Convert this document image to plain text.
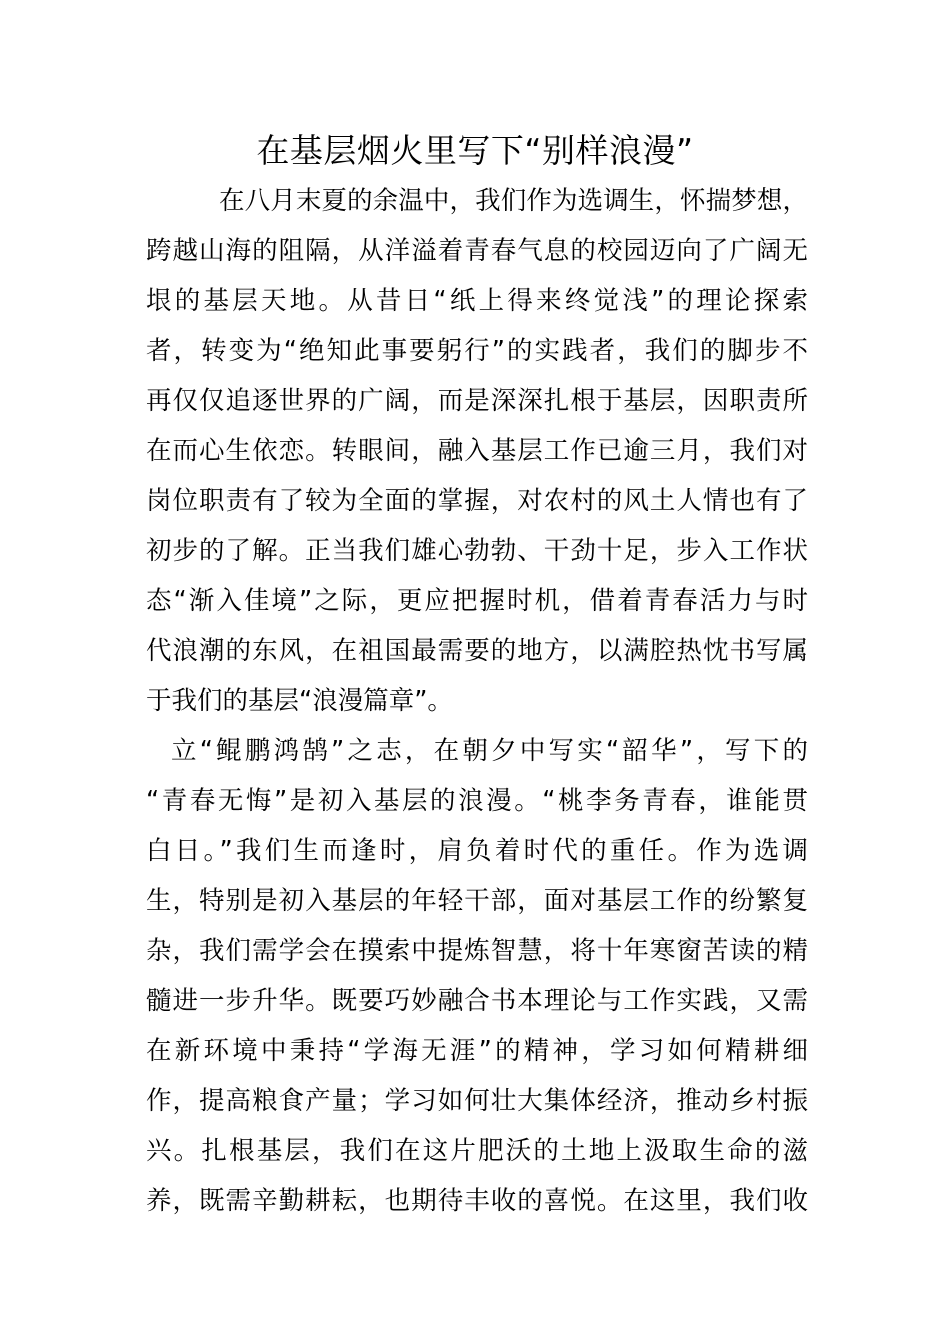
在基层烟火里写下“别样浪漫”
在八月末夏的余温中，我们作为选调生，怀揣梦想，
跨越山海的阻隔，从洋溢着青春气息的校园迈向了广阔无
垠的基层天地。从昔日“纸上得来终觉浅”的理论探索
者，转变为“绝知此事要躬行”的实践者，我们的脚步不
再仅仅追逐世界的广阔，而是深深扎根于基层，因职责所
在而心生依恋。转眼间，融入基层工作已逾三月，我们对
岗位职责有了较为全面的掌握，对农村的风土人情也有了
初步的了解。正当我们雄心勃勃、干劲十足，步入工作状
态“渐入佳境”之际，更应把握时机，借着青春活力与时
代浪潮的东风，在祖国最需要的地方，以满腔热忱书写属
于我们的基层“浪漫篇章”。
立“鲲鹏鸿鹄”之志，在朝夕中写实“韶华”，写下的
“青春无悔”是初入基层的浪漫。“桃李务青春，谁能贯
白日。”我们生而逢时，肩负着时代的重任。作为选调
生，特别是初入基层的年轻干部，面对基层工作的纷繁复
杂，我们需学会在摸索中提炼智慧，将十年寒窗苦读的精
髓进一步升华。既要巧妙融合书本理论与工作实践，又需
在新环境中秉持“学海无涯”的精神，学习如何精耕细
作，提高粮食产量；学习如何壮大集体经济，推动乡村振
兴。扎根基层，我们在这片肥沃的土地上汲取生命的滋
养，既需辛勤耕耘，也期待丰收的喜悦。在这里，我们收
